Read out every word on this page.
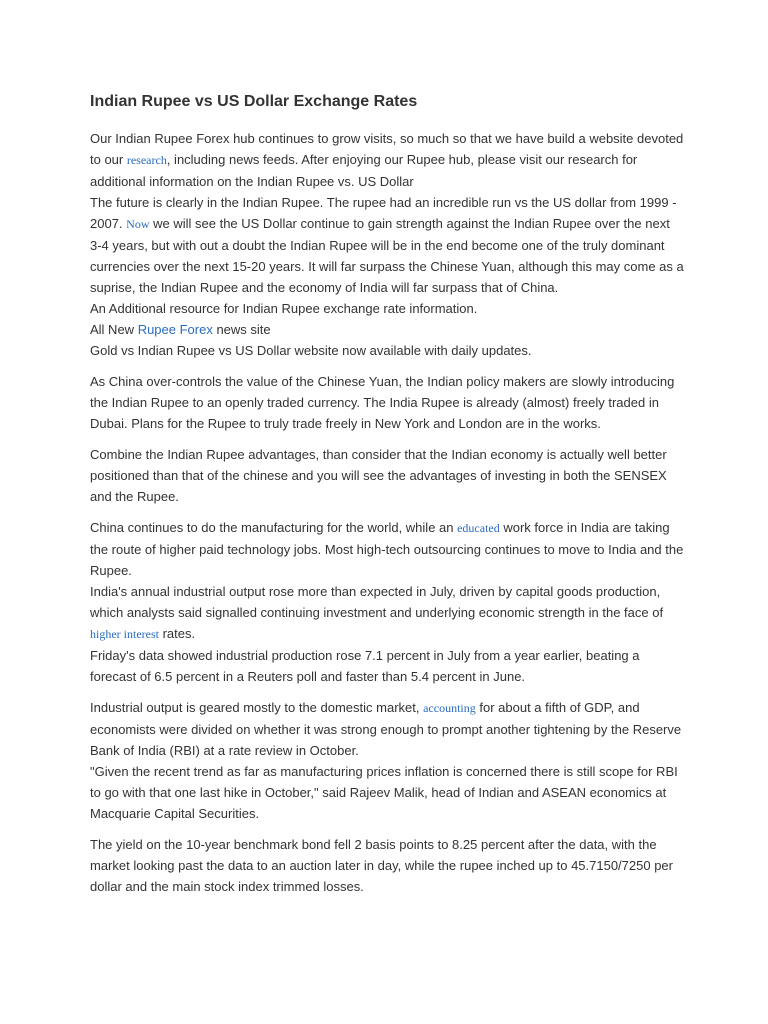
Indian Rupee vs US Dollar Exchange Rates

Our Indian Rupee Forex hub continues to grow visits, so much so that we have build a website devoted to our research, including news feeds. After enjoying our Rupee hub, please visit our research for additional information on the Indian Rupee vs. US Dollar
The future is clearly in the Indian Rupee. The rupee had an incredible run vs the US dollar from 1999 - 2007. Now we will see the US Dollar continue to gain strength against the Indian Rupee over the next 3-4 years, but with out a doubt the Indian Rupee will be in the end become one of the truly dominant currencies over the next 15-20 years. It will far surpass the Chinese Yuan, although this may come as a suprise, the Indian Rupee and the economy of India will far surpass that of China.
An Additional resource for Indian Rupee exchange rate information.
All New Rupee Forex news site
Gold vs Indian Rupee vs US Dollar website now available with daily updates.

As China over-controls the value of the Chinese Yuan, the Indian policy makers are slowly introducing the Indian Rupee to an openly traded currency. The India Rupee is already (almost) freely traded in Dubai. Plans for the Rupee to truly trade freely in New York and London are in the works.

Combine the Indian Rupee advantages, than consider that the Indian economy is actually well better positioned than that of the chinese and you will see the advantages of investing in both the SENSEX and the Rupee.

China continues to do the manufacturing for the world, while an educated work force in India are taking the route of higher paid technology jobs. Most high-tech outsourcing continues to move to India and the Rupee.
India's annual industrial output rose more than expected in July, driven by capital goods production, which analysts said signalled continuing investment and underlying economic strength in the face of higher interest rates.
Friday's data showed industrial production rose 7.1 percent in July from a year earlier, beating a forecast of 6.5 percent in a Reuters poll and faster than 5.4 percent in June.

Industrial output is geared mostly to the domestic market, accounting for about a fifth of GDP, and economists were divided on whether it was strong enough to prompt another tightening by the Reserve Bank of India (RBI) at a rate review in October.
"Given the recent trend as far as manufacturing prices inflation is concerned there is still scope for RBI to go with that one last hike in October," said Rajeev Malik, head of Indian and ASEAN economics at Macquarie Capital Securities.

The yield on the 10-year benchmark bond fell 2 basis points to 8.25 percent after the data, with the market looking past the data to an auction later in day, while the rupee inched up to 45.7150/7250 per dollar and the main stock index trimmed losses.
